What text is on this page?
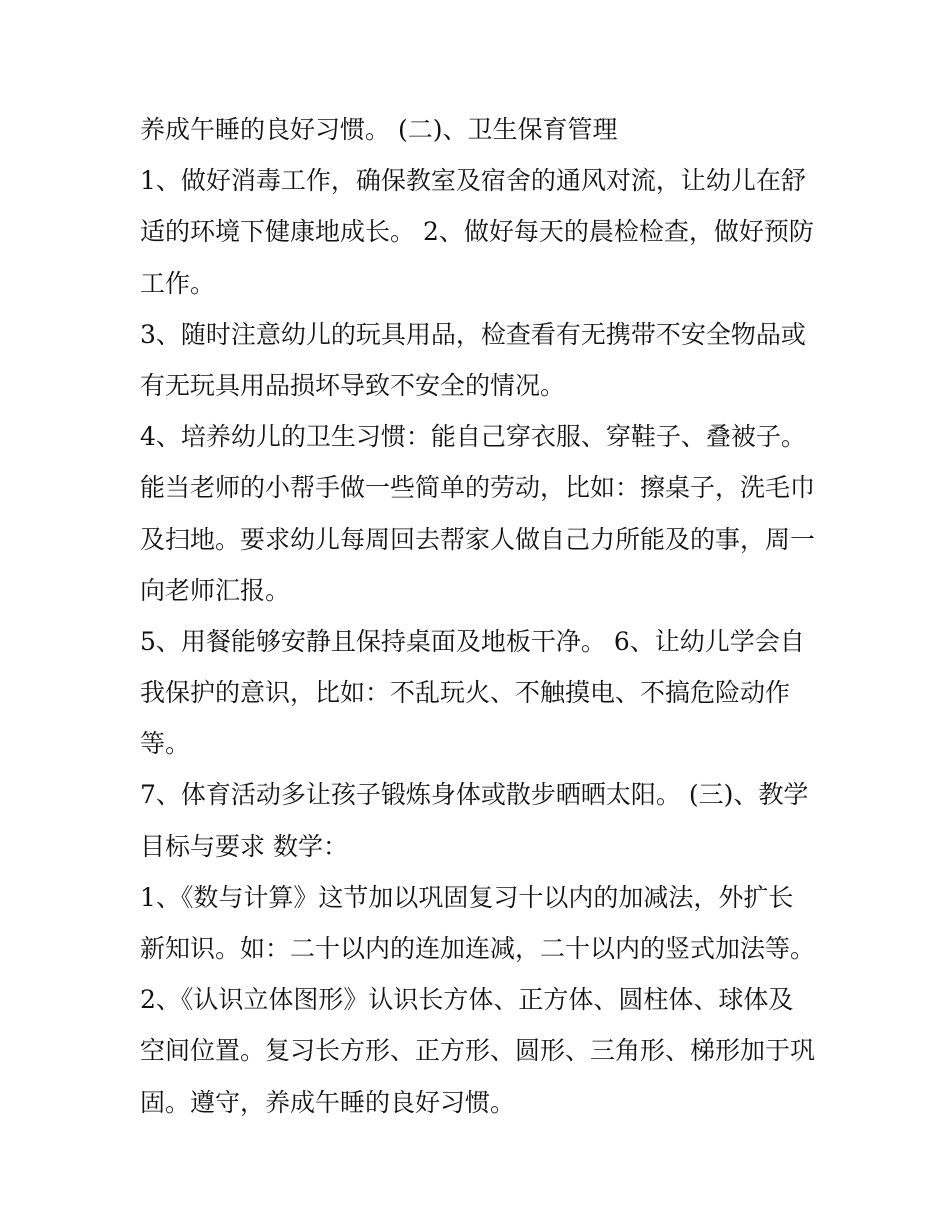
养成午睡的良好习惯。 (二)、卫生保育管理
1、做好消毒工作，确保教室及宿舍的通风对流，让幼儿在舒
适的环境下健康地成长。 2、做好每天的晨检检查，做好预防
工作。
3、随时注意幼儿的玩具用品，检查看有无携带不安全物品或
有无玩具用品损坏导致不安全的情况。
4、培养幼儿的卫生习惯：能自己穿衣服、穿鞋子、叠被子。
能当老师的小帮手做一些简单的劳动，比如：擦桌子，洗毛巾
及扫地。要求幼儿每周回去帮家人做自己力所能及的事，周一
向老师汇报。
5、用餐能够安静且保持桌面及地板干净。 6、让幼儿学会自
我保护的意识，比如：不乱玩火、不触摸电、不搞危险动作
等。
7、体育活动多让孩子锻炼身体或散步晒晒太阳。 (三)、教学
目标与要求 数学：
1、《数与计算》这节加以巩固复习十以内的加减法，外扩长
新知识。如：二十以内的连加连减，二十以内的竖式加法等。
2、《认识立体图形》认识长方体、正方体、圆柱体、球体及
空间位置。复习长方形、正方形、圆形、三角形、梯形加于巩
固。遵守，养成午睡的良好习惯。
